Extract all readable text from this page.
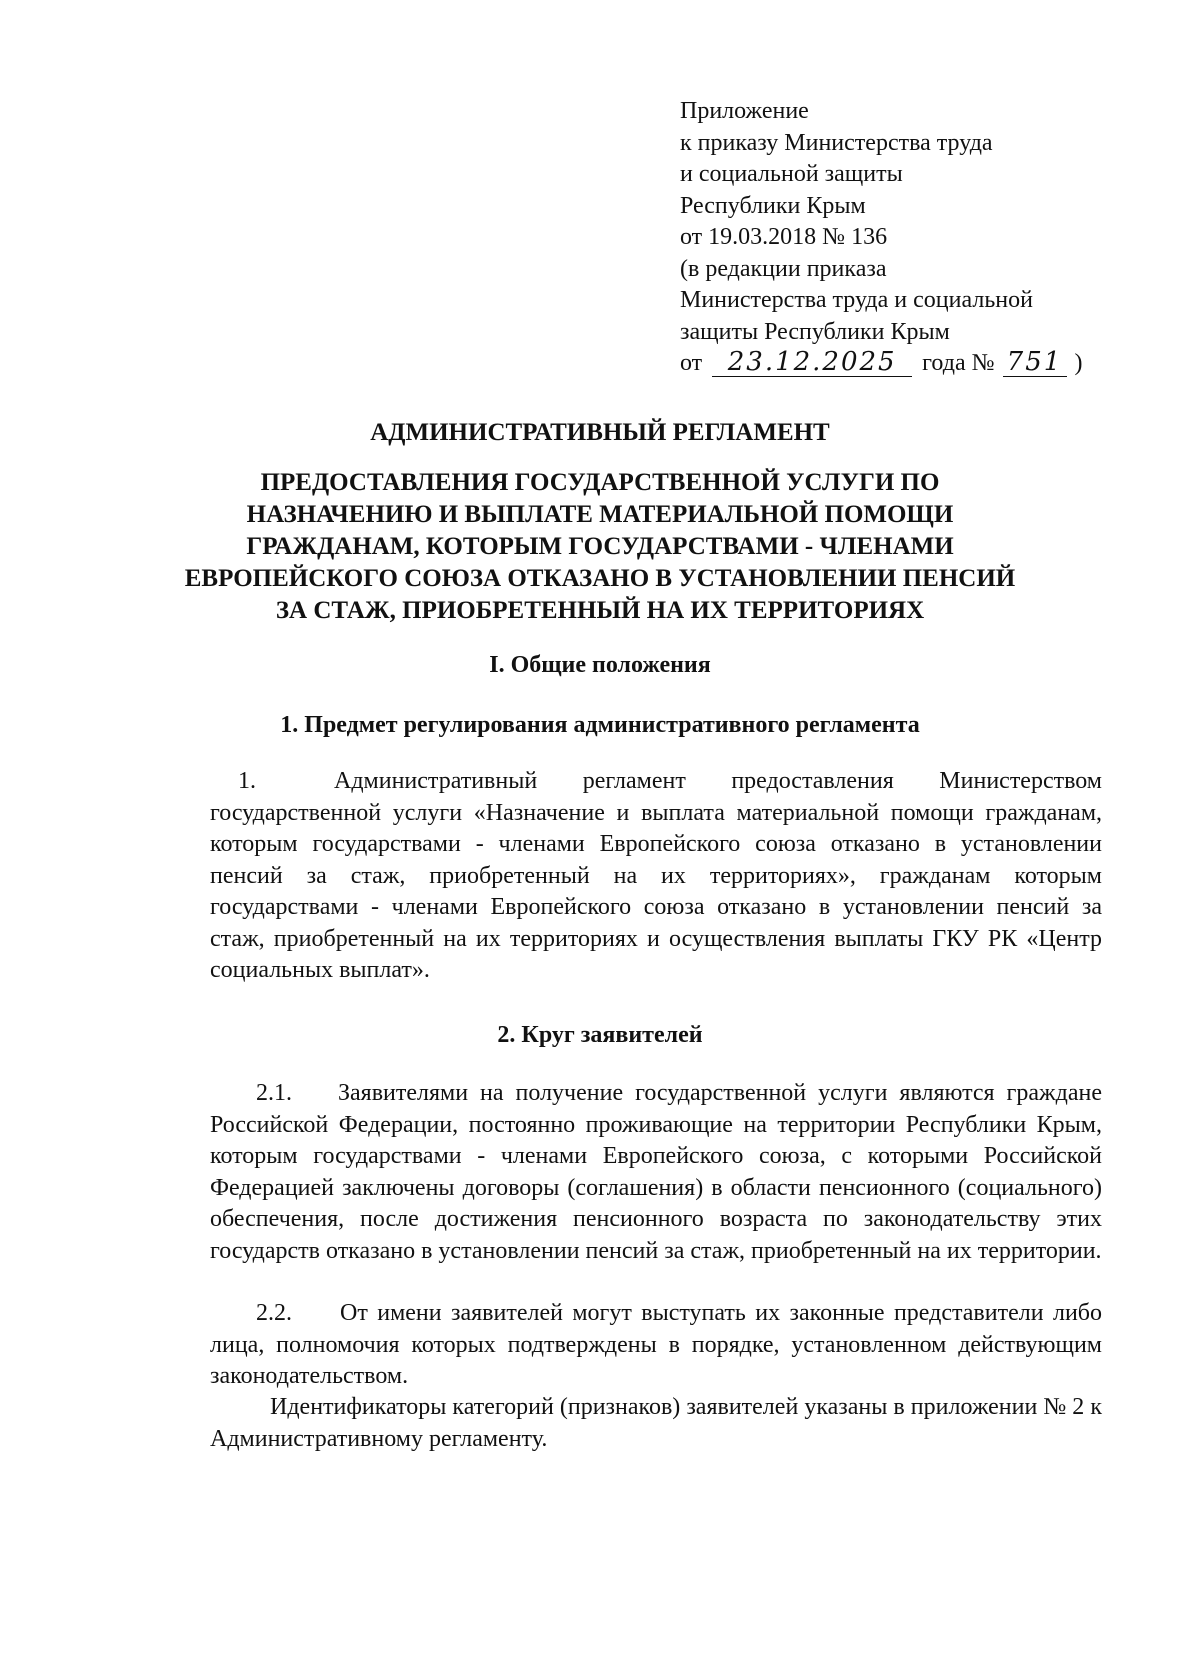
Приложение
к приказу Министерства труда
и социальной защиты
Республики Крым
от 19.03.2018 № 136
(в редакции приказа
Министерства труда и социальной
защиты Республики Крым
от 23.12.2025 года № 751 )
АДМИНИСТРАТИВНЫЙ РЕГЛАМЕНТ
ПРЕДОСТАВЛЕНИЯ ГОСУДАРСТВЕННОЙ УСЛУГИ ПО
НАЗНАЧЕНИЮ И ВЫПЛАТЕ МАТЕРИАЛЬНОЙ ПОМОЩИ
ГРАЖДАНАМ, КОТОРЫМ ГОСУДАРСТВАМИ - ЧЛЕНАМИ
ЕВРОПЕЙСКОГО СОЮЗА ОТКАЗАНО В УСТАНОВЛЕНИИ ПЕНСИЙ
ЗА СТАЖ, ПРИОБРЕТЕННЫЙ НА ИХ ТЕРРИТОРИЯХ
I. Общие положения
1. Предмет регулирования административного регламента

1.	Административный регламент предоставления Министерством государственной услуги «Назначение и выплата материальной помощи гражданам, которым государствами - членами Европейского союза отказано в установлении пенсий за стаж, приобретенный на их территориях», гражданам которым государствами - членами Европейского союза отказано в установлении пенсий за стаж, приобретенный на их территориях и осуществления выплаты ГКУ РК «Центр социальных выплат».

2. Круг заявителей

2.1. Заявителями на получение государственной услуги являются граждане Российской Федерации, постоянно проживающие на территории Республики Крым, которым государствами - членами Европейского союза, с которыми Российской Федерацией заключены договоры (соглашения) в области пенсионного (социального) обеспечения, после достижения пенсионного возраста по законодательству этих государств отказано в установлении пенсий за стаж, приобретенный на их территории.

2.2. От имени заявителей могут выступать их законные представители либо лица, полномочия которых подтверждены в порядке, установленном действующим законодательством.

Идентификаторы категорий (признаков) заявителей указаны в приложении № 2 к Административному регламенту.
